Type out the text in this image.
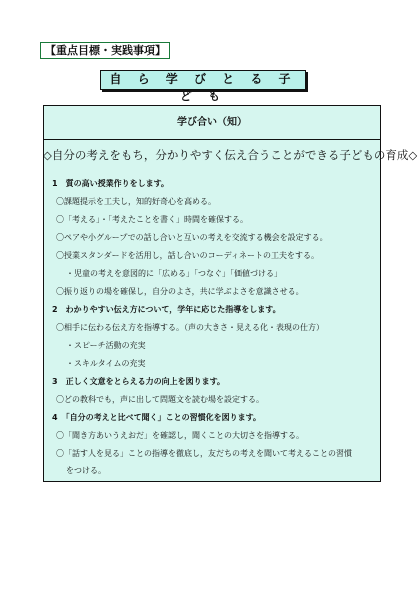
【重点目標・実践事項】
自 ら 学 び と る 子 ど も
学び合い（知）
◇自分の考えをもち，分かりやすく伝え合うことができる子どもの育成◇
1　質の高い授業作りをします。
〇課題提示を工夫し，知的好奇心を高める。
〇「考える」・「考えたことを書く」時間を確保する。
〇ペアや小グループでの話し合いと互いの考えを交流する機会を設定する。
〇授業スタンダードを活用し，話し合いのコーディネートの工夫をする。
・児童の考えを意図的に「広める」「つなぐ」「価値づける」
〇振り返りの場を確保し，自分のよさ，共に学ぶよさを意識させる。
2　わかりやすい伝え方について，学年に応じた指導をします。
〇相手に伝わる伝え方を指導する。（声の大きさ・見える化・表現の仕方）
・スピーチ活動の充実
・スキルタイムの充実
3　正しく文意をとらえる力の向上を図ります。
〇どの教科でも，声に出して問題文を読む場を設定する。
4　「自分の考えと比べて聞く」ことの習慣化を図ります。
〇「聞き方あいうえおだ」を確認し，聞くことの大切さを指導する。
〇「話す人を見る」ことの指導を徹底し，友だちの考えを聞いて考えることの習慣
をつける。
